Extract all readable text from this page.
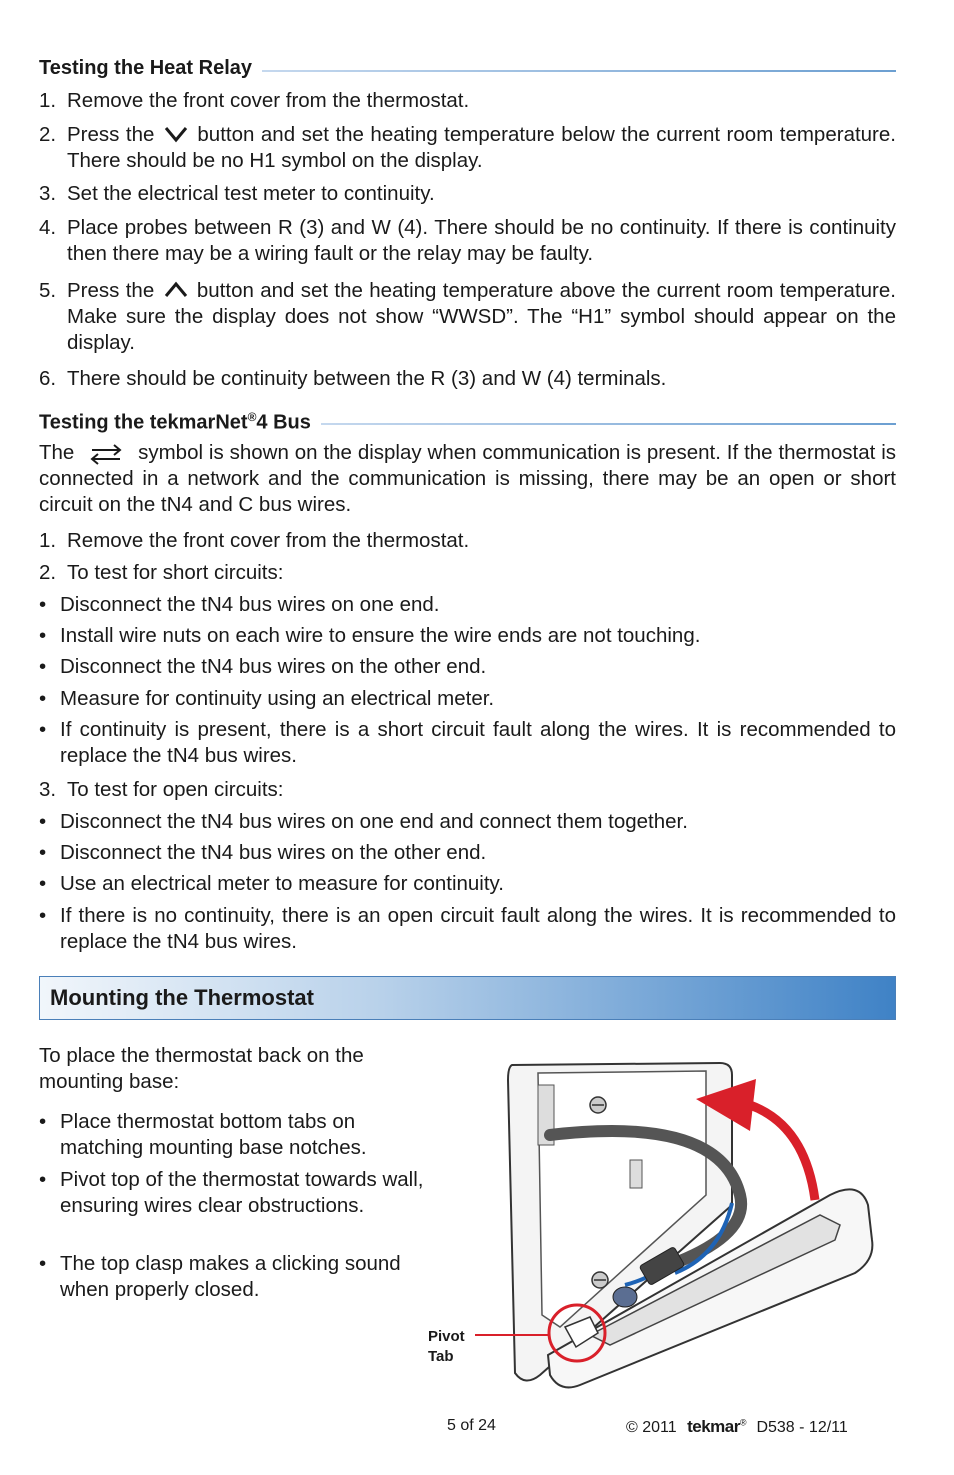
Testing the Heat Relay
1. Remove the front cover from the thermostat.
2. Press the button and set the heating temperature below the current room temperature. There should be no H1 symbol on the display.
3. Set the electrical test meter to continuity.
4. Place probes between R (3) and W (4). There should be no continuity. If there is continuity then there may be a wiring fault or the relay may be faulty.
5. Press the button and set the heating temperature above the current room temperature. Make sure the display does not show “WWSD”. The “H1” symbol should appear on the display.
6. There should be continuity between the R (3) and W (4) terminals.
Testing the tekmarNet®4 Bus
The	symbol is shown on the display when communication is present. If the thermostat is connected in a network and the communication is missing, there may be an open or short circuit on the tN4 and C bus wires.
1. Remove the front cover from the thermostat.
2. To test for short circuits:
• Disconnect the tN4 bus wires on one end.
• Install wire nuts on each wire to ensure the wire ends are not touching.
• Disconnect the tN4 bus wires on the other end.
• Measure for continuity using an electrical meter.
• If continuity is present, there is a short circuit fault along the wires. It is recommended to replace the tN4 bus wires.
3. To test for open circuits:
• Disconnect the tN4 bus wires on one end and connect them together.
• Disconnect the tN4 bus wires on the other end.
• Use an electrical meter to measure for continuity.
• If there is no continuity, there is an open circuit fault along the wires. It is recommended to replace the tN4 bus wires.
Mounting the Thermostat
To place the thermostat back on the mounting base:
• Place thermostat bottom tabs on matching mounting base notches.
• Pivot top of the thermostat towards wall, ensuring wires clear obstructions.
• The top clasp makes a clicking sound when properly closed.
Pivot
Tab
5 of 24	© 2011 tekmar® D538 - 12/11
